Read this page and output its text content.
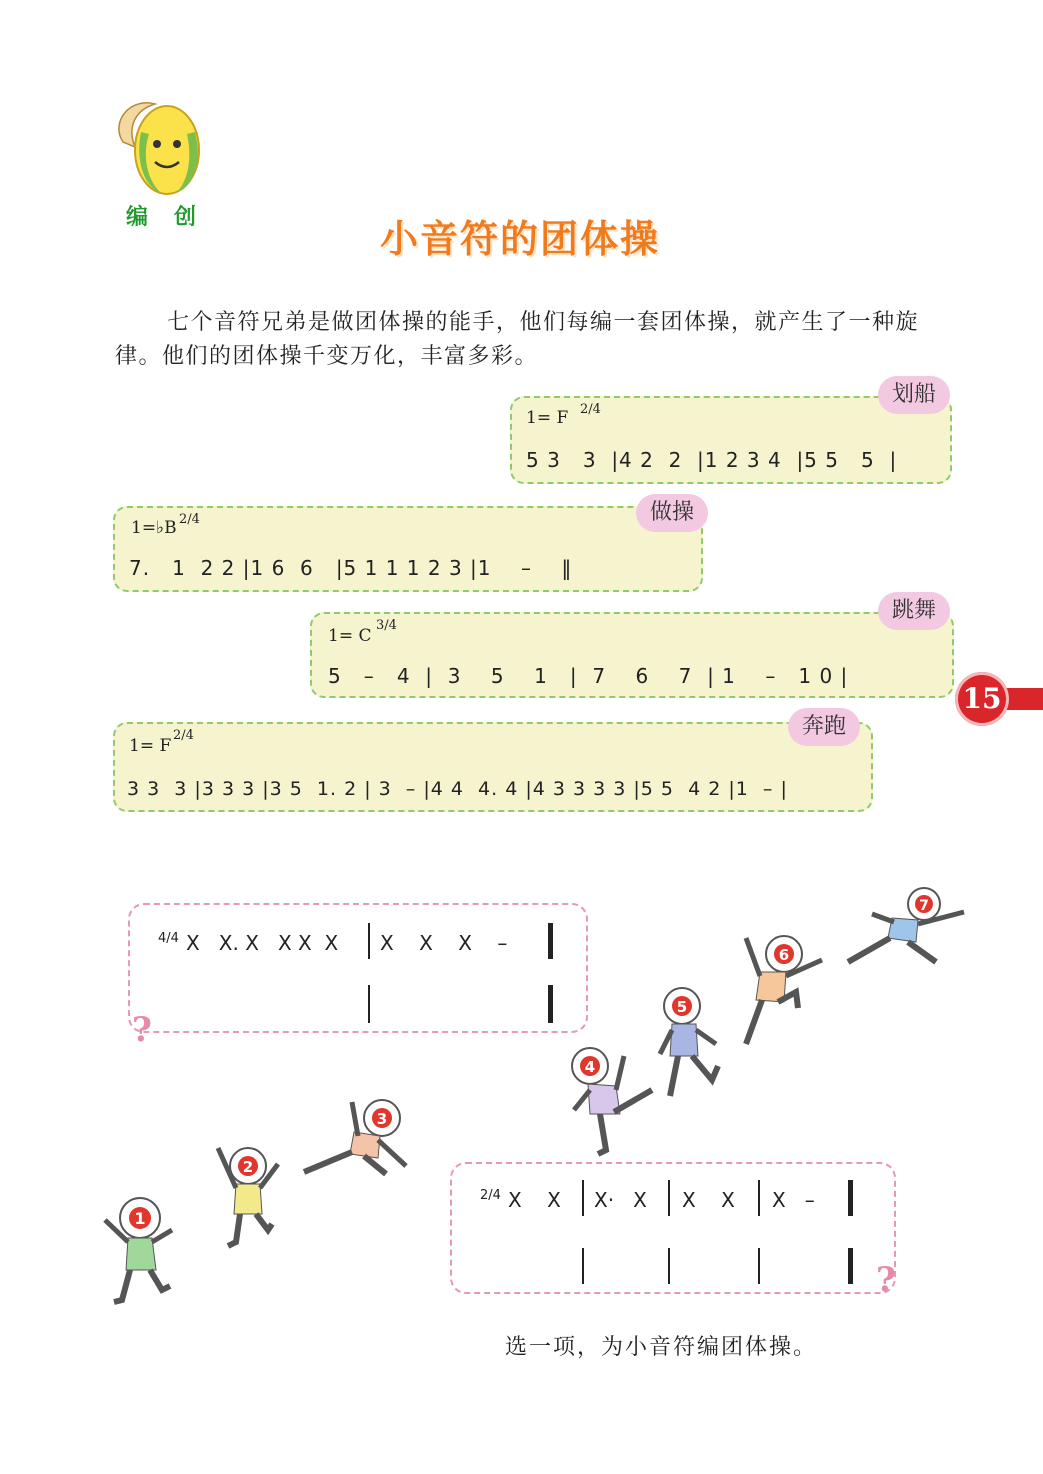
编创	小音符的团体操
七个音符兄弟是做团体操的能手，他们每编一套团体操，就产生了一种旋律。他们的团体操千变万化，丰富多彩。
1= F 2/4
5 3   3  |4 2  2  |1 2 3 4  |5 5   5  |
划船
1=♭B 2/4
7.   1  2 2 |1 6  6   |5 1 1 1 2 3 |1    –    ‖
做操
1= C
3/4
5   –   4  |  3    5    1   |  7    6    7  | 1    –   1 0 |
跳舞
15
1= F
2/4
3 3  3 |3 3 3 |3 5  1. 2 | 3  – |4 4  4. 4 |4 3 3 3 3 |5 5  4 2 |1  – |
奔跑
4/4 X   X. X   X X  X X    X    X    –
?
2/4 X    X X·   X X    X X   –
?
1
2
3
4
5
6
7
选一项，为小音符编团体操。
